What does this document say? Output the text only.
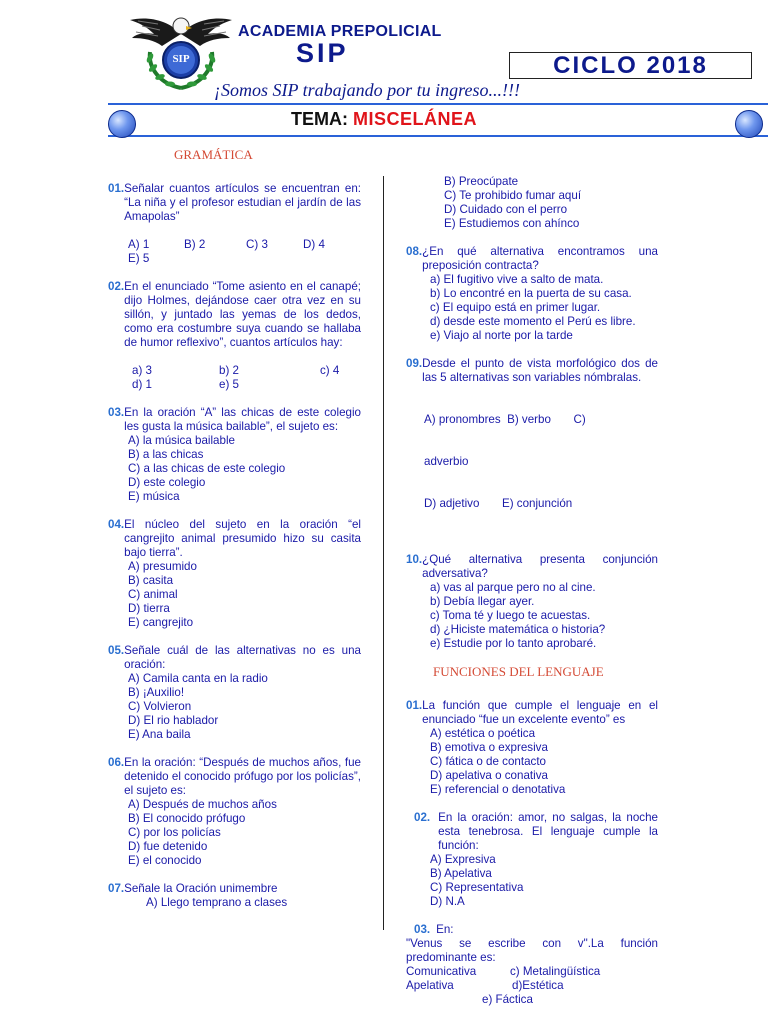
SIP
ACADEMIA PREPOLICIAL
SIP	CICLO 2018
¡Somos SIP trabajando por tu ingreso...!!!
TEMA: MISCELÁNEA
GRAMÁTICA
01. Señalar cuantos artículos se encuentran en: “La niña y el profesor estudian el jardín de las Amapolas”
A) 1	B) 2	C) 3	D) 4
E) 5
02. En el enunciado “Tome asiento en el canapé; dijo Holmes, dejándose caer otra vez en su sillón, y juntado las yemas de los dedos, como era costumbre suya cuando se hallaba de humor reflexivo”, cuantos artículos hay:
a) 3	b) 2	c) 4
d) 1	e) 5
03. En la oración “A” las chicas de este colegio les gusta la música bailable”, el sujeto es:
A) la música bailable
B) a las chicas
C) a las chicas de este colegio
D) este colegio
E) música
04. El núcleo del sujeto en la oración “el cangrejito animal presumido hizo su casita bajo tierra”.
A) presumido
B) casita
C) animal
D) tierra
E) cangrejito
05. Señale cuál de las alternativas no es una oración:
A) Camila canta en la radio
B) ¡Auxilio!
C) Volvieron
D) El rio hablador
E) Ana baila
06. En la oración: “Después de muchos años, fue detenido el conocido prófugo por los policías”, el sujeto es:
A) Después de muchos años
B) El conocido prófugo
C) por los policías
D) fue detenido
E) el conocido
07. Señale la Oración unimembre
A) Llego temprano a clases
B) Preocúpate
C) Te prohibido fumar aquí
D) Cuidado con el perro
E) Estudiemos con ahínco
08. ¿En qué alternativa encontramos una preposición contracta?
a) El fugitivo vive a salto de mata.
b) Lo encontré en la puerta de su casa.
c) El equipo está en primer lugar.
d) desde este momento el Perú es libre.
e) Viajo al norte por la tarde
09. Desde el punto de vista morfológico dos de las 5 alternativas son variables nómbralas.

A) pronombres  B) verbo       C)

adverbio

D) adjetivo       E) conjunción

10. ¿Qué alternativa presenta conjunción adversativa?
a) vas al parque pero no al cine.
b) Debía llegar ayer.
c) Toma té y luego te acuestas.
d) ¿Hiciste matemática o historia?
e) Estudie por lo tanto aprobaré.
FUNCIONES DEL LENGUAJE
01. La función que cumple el lenguaje en el enunciado “fue un excelente evento” es
A) estética o poética
B) emotiva o expresiva
C) fática o de contacto
D) apelativa o conativa
E) referencial o denotativa
02. En la oración: amor, no salgas, la noche esta tenebrosa. El lenguaje cumple la función:
A) Expresiva
B) Apelativa
C) Representativa
D) N.A
03. En:
"Venus se escribe con v".La función predominante es:
Comunicativa	c) Metalingüística
Apelativa	d)Estética
e) Fáctica
